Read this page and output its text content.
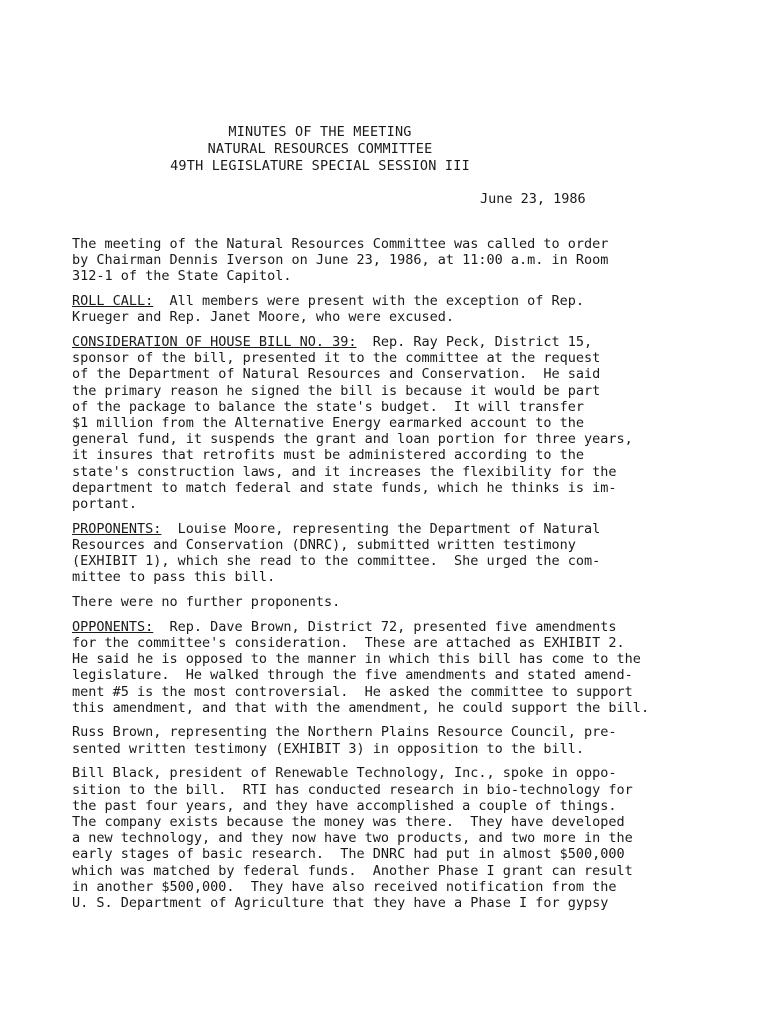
MINUTES OF THE MEETING
NATURAL RESOURCES COMMITTEE
49TH LEGISLATURE SPECIAL SESSION III
June 23, 1986
The meeting of the Natural Resources Committee was called to order
by Chairman Dennis Iverson on June 23, 1986, at 11:00 a.m. in Room
312-1 of the State Capitol.
ROLL CALL:  All members were present with the exception of Rep.
Krueger and Rep. Janet Moore, who were excused.
CONSIDERATION OF HOUSE BILL NO. 39:  Rep. Ray Peck, District 15,
sponsor of the bill, presented it to the committee at the request
of the Department of Natural Resources and Conservation.  He said
the primary reason he signed the bill is because it would be part
of the package to balance the state's budget.  It will transfer
$1 million from the Alternative Energy earmarked account to the
general fund, it suspends the grant and loan portion for three years,
it insures that retrofits must be administered according to the
state's construction laws, and it increases the flexibility for the
department to match federal and state funds, which he thinks is im-
portant.
PROPONENTS:  Louise Moore, representing the Department of Natural
Resources and Conservation (DNRC), submitted written testimony
(EXHIBIT 1), which she read to the committee.  She urged the com-
mittee to pass this bill.
There were no further proponents.
OPPONENTS:  Rep. Dave Brown, District 72, presented five amendments
for the committee's consideration.  These are attached as EXHIBIT 2.
He said he is opposed to the manner in which this bill has come to the
legislature.  He walked through the five amendments and stated amend-
ment #5 is the most controversial.  He asked the committee to support
this amendment, and that with the amendment, he could support the bill.
Russ Brown, representing the Northern Plains Resource Council, pre-
sented written testimony (EXHIBIT 3) in opposition to the bill.
Bill Black, president of Renewable Technology, Inc., spoke in oppo-
sition to the bill.  RTI has conducted research in bio-technology for
the past four years, and they have accomplished a couple of things.
The company exists because the money was there.  They have developed
a new technology, and they now have two products, and two more in the
early stages of basic research.  The DNRC had put in almost $500,000
which was matched by federal funds.  Another Phase I grant can result
in another $500,000.  They have also received notification from the
U. S. Department of Agriculture that they have a Phase I for gypsy
